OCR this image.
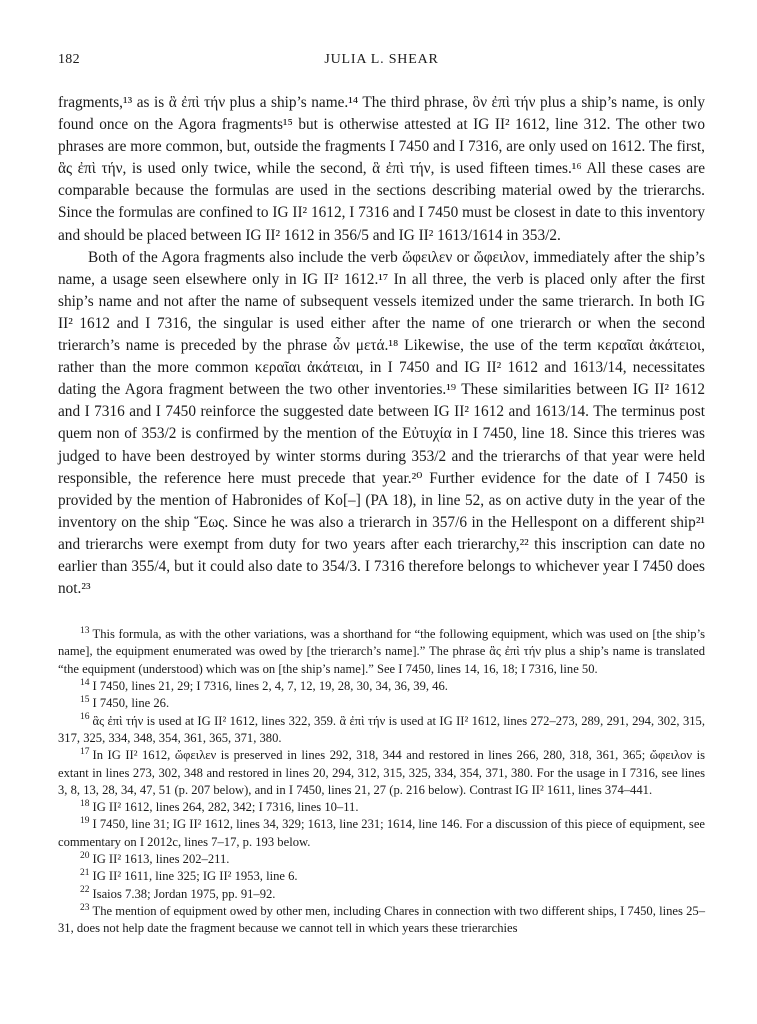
182	JULIA L. SHEAR

fragments,¹³ as is ἃ ἐπὶ τήν plus a ship’s name.¹⁴ The third phrase, ὃν ἐπὶ τήν plus a ship’s name, is only found once on the Agora fragments¹⁵ but is otherwise attested at IG II² 1612, line 312. The other two phrases are more common, but, outside the fragments I 7450 and I 7316, are only used on 1612. The first, ἃς ἐπὶ τήν, is used only twice, while the second, ἃ ἐπὶ τήν, is used fifteen times.¹⁶ All these cases are comparable because the formulas are used in the sections describing material owed by the trierarchs. Since the formulas are confined to IG II² 1612, I 7316 and I 7450 must be closest in date to this inventory and should be placed between IG II² 1612 in 356/5 and IG II² 1613/1614 in 353/2.

Both of the Agora fragments also include the verb ὤφειλεν or ὤφειλον, immediately after the ship’s name, a usage seen elsewhere only in IG II² 1612.¹⁷ In all three, the verb is placed only after the first ship’s name and not after the name of subsequent vessels itemized under the same trierarch. In both IG II² 1612 and I 7316, the singular is used either after the name of one trierarch or when the second trierarch’s name is preceded by the phrase ὧν μετά.¹⁸ Likewise, the use of the term κεραῖαι ἀκάτειοι, rather than the more common κεραῖαι ἀκάτειαι, in I 7450 and IG II² 1612 and 1613/14, necessitates dating the Agora fragment between the two other inventories.¹⁹ These similarities between IG II² 1612 and I 7316 and I 7450 reinforce the suggested date between IG II² 1612 and 1613/14. The terminus post quem non of 353/2 is confirmed by the mention of the Εὐτυχία in I 7450, line 18. Since this trieres was judged to have been destroyed by winter storms during 353/2 and the trierarchs of that year were held responsible, the reference here must precede that year.²⁰ Further evidence for the date of I 7450 is provided by the mention of Habronides of Ko[–] (PA 18), in line 52, as on active duty in the year of the inventory on the ship Ἕως. Since he was also a trierarch in 357/6 in the Hellespont on a different ship²¹ and trierarchs were exempt from duty for two years after each trierarchy,²² this inscription can date no earlier than 355/4, but it could also date to 354/3. I 7316 therefore belongs to whichever year I 7450 does not.²³

$^{13}$ This formula, as with the other variations, was a shorthand for “the following equipment, which was used on [the ship’s name], the equipment enumerated was owed by [the trierarch’s name].” The phrase ἃς ἐπὶ τήν plus a ship’s name is translated “the equipment (understood) which was on [the ship’s name].” See I 7450, lines 14, 16, 18; I 7316, line 50.

$^{14}$ I 7450, lines 21, 29; I 7316, lines 2, 4, 7, 12, 19, 28, 30, 34, 36, 39, 46.

$^{15}$ I 7450, line 26.

$^{16}$ ἃς ἐπὶ τήν is used at IG II² 1612, lines 322, 359. ἃ ἐπὶ τήν is used at IG II² 1612, lines 272–273, 289, 291, 294, 302, 315, 317, 325, 334, 348, 354, 361, 365, 371, 380.

$^{17}$ In IG II² 1612, ὤφειλεν is preserved in lines 292, 318, 344 and restored in lines 266, 280, 318, 361, 365; ὤφειλον is extant in lines 273, 302, 348 and restored in lines 20, 294, 312, 315, 325, 334, 354, 371, 380. For the usage in I 7316, see lines 3, 8, 13, 28, 34, 47, 51 (p. 207 below), and in I 7450, lines 21, 27 (p. 216 below). Contrast IG II² 1611, lines 374–441.

$^{18}$ IG II² 1612, lines 264, 282, 342; I 7316, lines 10–11.

$^{19}$ I 7450, line 31; IG II² 1612, lines 34, 329; 1613, line 231; 1614, line 146. For a discussion of this piece of equipment, see commentary on I 2012c, lines 7–17, p. 193 below.

$^{20}$ IG II² 1613, lines 202–211.

$^{21}$ IG II² 1611, line 325; IG II² 1953, line 6.

$^{22}$ Isaios 7.38; Jordan 1975, pp. 91–92.

$^{23}$ The mention of equipment owed by other men, including Chares in connection with two different ships, I 7450, lines 25–31, does not help date the fragment because we cannot tell in which years these trierarchies
